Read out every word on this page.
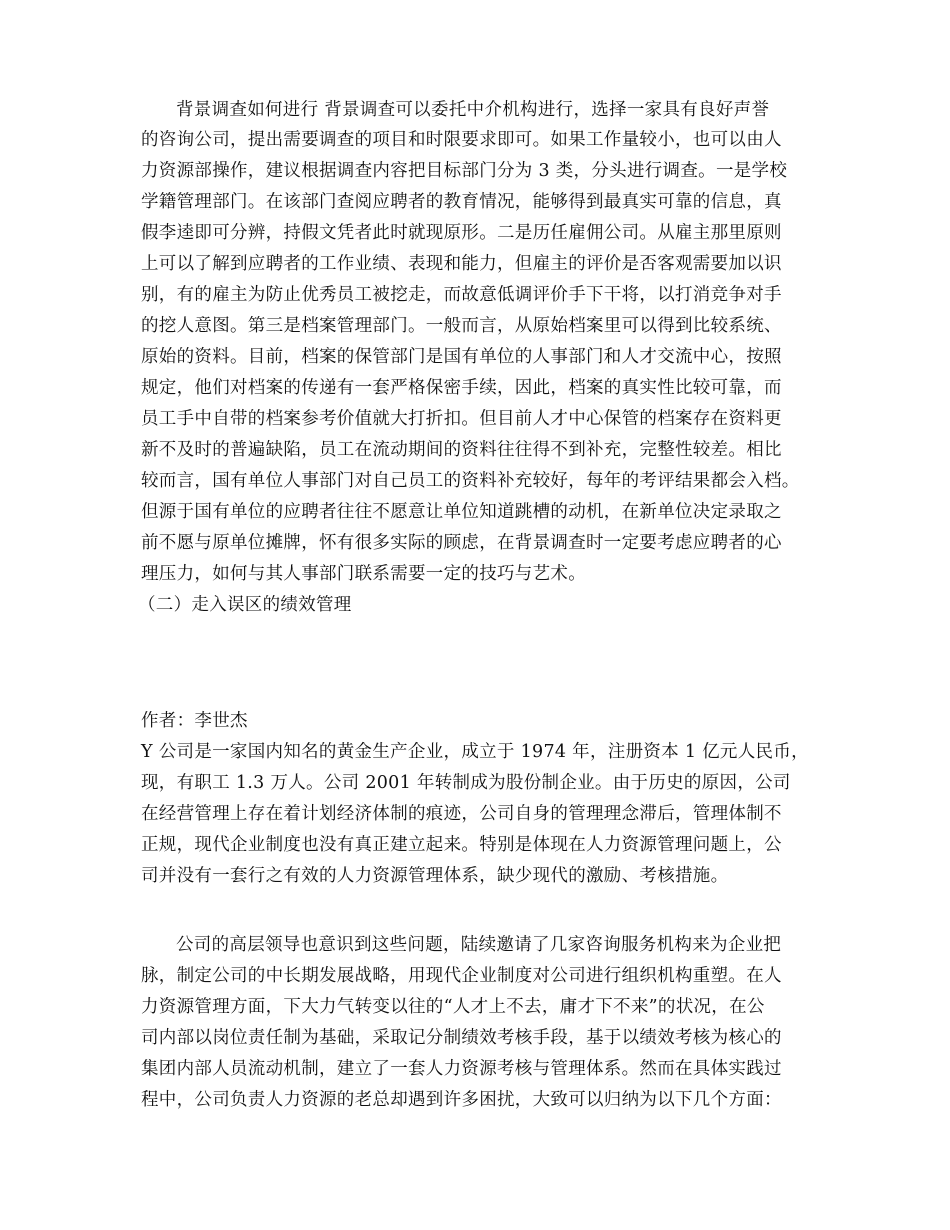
背景调查如何进行 背景调查可以委托中介机构进行，选择一家具有良好声誉
的咨询公司，提出需要调查的项目和时限要求即可。如果工作量较小，也可以由人
力资源部操作，建议根据调查内容把目标部门分为 3 类，分头进行调查。一是学校
学籍管理部门。在该部门查阅应聘者的教育情况，能够得到最真实可靠的信息，真
假李逵即可分辨，持假文凭者此时就现原形。二是历任雇佣公司。从雇主那里原则
上可以了解到应聘者的工作业绩、表现和能力，但雇主的评价是否客观需要加以识
别，有的雇主为防止优秀员工被挖走，而故意低调评价手下干将，以打消竞争对手
的挖人意图。第三是档案管理部门。一般而言，从原始档案里可以得到比较系统、
原始的资料。目前，档案的保管部门是国有单位的人事部门和人才交流中心，按照
规定，他们对档案的传递有一套严格保密手续，因此，档案的真实性比较可靠，而
员工手中自带的档案参考价值就大打折扣。但目前人才中心保管的档案存在资料更
新不及时的普遍缺陷，员工在流动期间的资料往往得不到补充，完整性较差。相比
较而言，国有单位人事部门对自己员工的资料补充较好，每年的考评结果都会入档。
但源于国有单位的应聘者往往不愿意让单位知道跳槽的动机，在新单位决定录取之
前不愿与原单位摊牌，怀有很多实际的顾虑，在背景调查时一定要考虑应聘者的心
理压力，如何与其人事部门联系需要一定的技巧与艺术。
（二）走入误区的绩效管理
作者：李世杰
Y 公司是一家国内知名的黄金生产企业，成立于 1974 年，注册资本 1 亿元人民币，
现，有职工 1.3 万人。公司 2001 年转制成为股份制企业。由于历史的原因，公司
在经营管理上存在着计划经济体制的痕迹，公司自身的管理理念滞后，管理体制不
正规，现代企业制度也没有真正建立起来。特别是体现在人力资源管理问题上，公
司并没有一套行之有效的人力资源管理体系，缺少现代的激励、考核措施。
公司的高层领导也意识到这些问题，陆续邀请了几家咨询服务机构来为企业把
脉，制定公司的中长期发展战略，用现代企业制度对公司进行组织机构重塑。在人
力资源管理方面，下大力气转变以往的“人才上不去，庸才下不来”的状况，在公
司内部以岗位责任制为基础，采取记分制绩效考核手段，基于以绩效考核为核心的
集团内部人员流动机制，建立了一套人力资源考核与管理体系。然而在具体实践过
程中，公司负责人力资源的老总却遇到许多困扰，大致可以归纳为以下几个方面：
